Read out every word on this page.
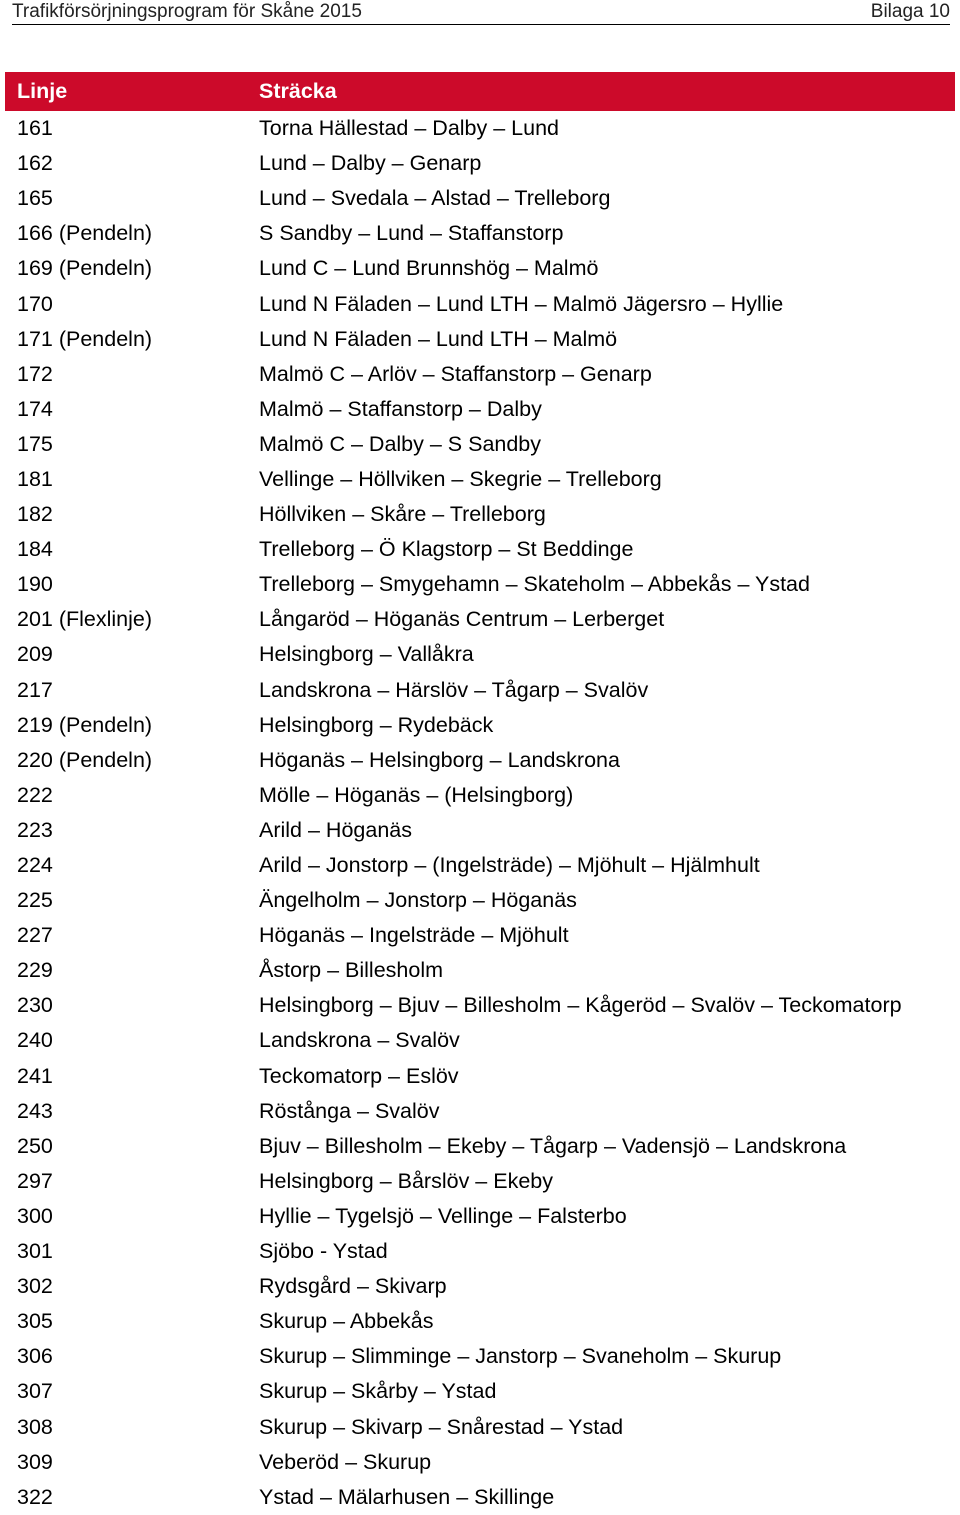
Trafikförsörjningsprogram för Skåne 2015	Bilaga 10
Linje	Sträcka
161	Torna Hällestad – Dalby – Lund
162	Lund – Dalby – Genarp
165	Lund – Svedala – Alstad – Trelleborg
166 (Pendeln)	S Sandby – Lund – Staffanstorp
169 (Pendeln)	Lund C – Lund Brunnshög – Malmö
170	Lund N Fäladen – Lund LTH – Malmö Jägersro – Hyllie
171 (Pendeln)	Lund N Fäladen – Lund LTH – Malmö
172	Malmö C – Arlöv – Staffanstorp – Genarp
174	Malmö – Staffanstorp – Dalby
175	Malmö C – Dalby – S Sandby
181	Vellinge – Höllviken – Skegrie – Trelleborg
182	Höllviken – Skåre – Trelleborg
184	Trelleborg – Ö Klagstorp – St Beddinge
190	Trelleborg – Smygehamn – Skateholm – Abbekås – Ystad
201 (Flexlinje)	Långaröd – Höganäs Centrum – Lerberget
209	Helsingborg – Vallåkra
217	Landskrona – Härslöv – Tågarp – Svalöv
219 (Pendeln)	Helsingborg – Rydebäck
220 (Pendeln)	Höganäs – Helsingborg – Landskrona
222	Mölle – Höganäs – (Helsingborg)
223	Arild – Höganäs
224	Arild – Jonstorp – (Ingelsträde) – Mjöhult – Hjälmhult
225	Ängelholm – Jonstorp – Höganäs
227	Höganäs – Ingelsträde – Mjöhult
229	Åstorp – Billesholm
230	Helsingborg – Bjuv – Billesholm – Kågeröd – Svalöv – Teckomatorp
240	Landskrona – Svalöv
241	Teckomatorp – Eslöv
243	Röstånga – Svalöv
250	Bjuv – Billesholm – Ekeby – Tågarp – Vadensjö – Landskrona
297	Helsingborg – Bårslöv – Ekeby
300	Hyllie – Tygelsjö – Vellinge – Falsterbo
301	Sjöbo - Ystad
302	Rydsgård – Skivarp
305	Skurup – Abbekås
306	Skurup – Slimminge – Janstorp – Svaneholm – Skurup
307	Skurup – Skårby – Ystad
308	Skurup – Skivarp – Snårestad – Ystad
309	Veberöd – Skurup
322	Ystad – Mälarhusen – Skillinge
